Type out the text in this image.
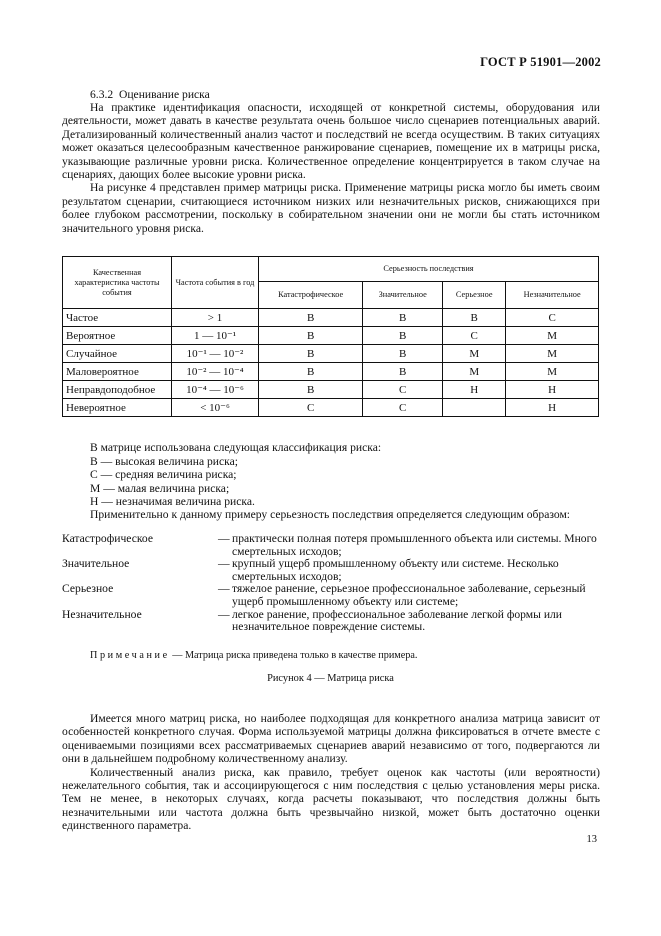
ГОСТ Р 51901—2002
6.3.2 Оценивание риска

На практике идентификация опасности, исходящей от конкретной системы, оборудования или деятельности, может давать в качестве результата очень большое число сценариев потенциальных аварий. Детализированный количественный анализ частот и последствий не всегда осуществим. В таких ситуациях может оказаться целесообразным качественное ранжирование сценариев, помещение их в матрицы риска, указывающие различные уровни риска. Количественное определение концентрируется в таком случае на сценариях, дающих более высокие уровни риска.

На рисунке 4 представлен пример матрицы риска. Применение матрицы риска могло бы иметь своим результатом сценарии, считающиеся источником низких или незначительных рисков, снижающихся при более глубоком рассмотрении, поскольку в собирательном значении они не могли бы стать источником значительного уровня риска.

Качественная характеристика частоты события	Частота события в год	Серьезность последствия			
		Катастрофическое	Значительное	Серьезное	Незначительное
Частое	> 1	В	В	В	С
Вероятное	1 — 10⁻¹	В	В	С	М
Случайное	10⁻¹ — 10⁻²	В	В	М	М
Маловероятное	10⁻² — 10⁻⁴	В	В	М	М
Неправдоподобное	10⁻⁴ — 10⁻⁶	В	С	Н	Н
Невероятное	< 10⁻⁶	С	С		Н
В матрице использована следующая классификация риска:
В — высокая величина риска;
С — средняя величина риска;
М — малая величина риска;
Н — незначимая величина риска.

Применительно к данному примеру серьезность последствия определяется следующим образом:

Катастрофическое	— практически полная потеря промышленного объекта или системы. Много смертельных исходов;
Значительное	— крупный ущерб промышленному объекту или системе. Несколько смертельных исходов;
Серьезное	— тяжелое ранение, серьезное профессиональное заболевание, серьезный ущерб промышленному объекту или системе;
Незначительное	— легкое ранение, профессиональное заболевание легкой формы или незначительное повреждение системы.
Примечание — Матрица риска приведена только в качестве примера.
Рисунок 4 — Матрица риска

Имеется много матриц риска, но наиболее подходящая для конкретного анализа матрица зависит от особенностей конкретного случая. Форма используемой матрицы должна фиксироваться в отчете вместе с оцениваемыми позициями всех рассматриваемых сценариев аварий независимо от того, подвергаются ли они в дальнейшем подробному количественному анализу.

Количественный анализ риска, как правило, требует оценок как частоты (или вероятности) нежелательного события, так и ассоциирующегося с ним последствия с целью установления меры риска. Тем не менее, в некоторых случаях, когда расчеты показывают, что последствия должны быть незначительными или частота должна быть чрезвычайно низкой, может быть достаточно оценки единственного параметра.

13
